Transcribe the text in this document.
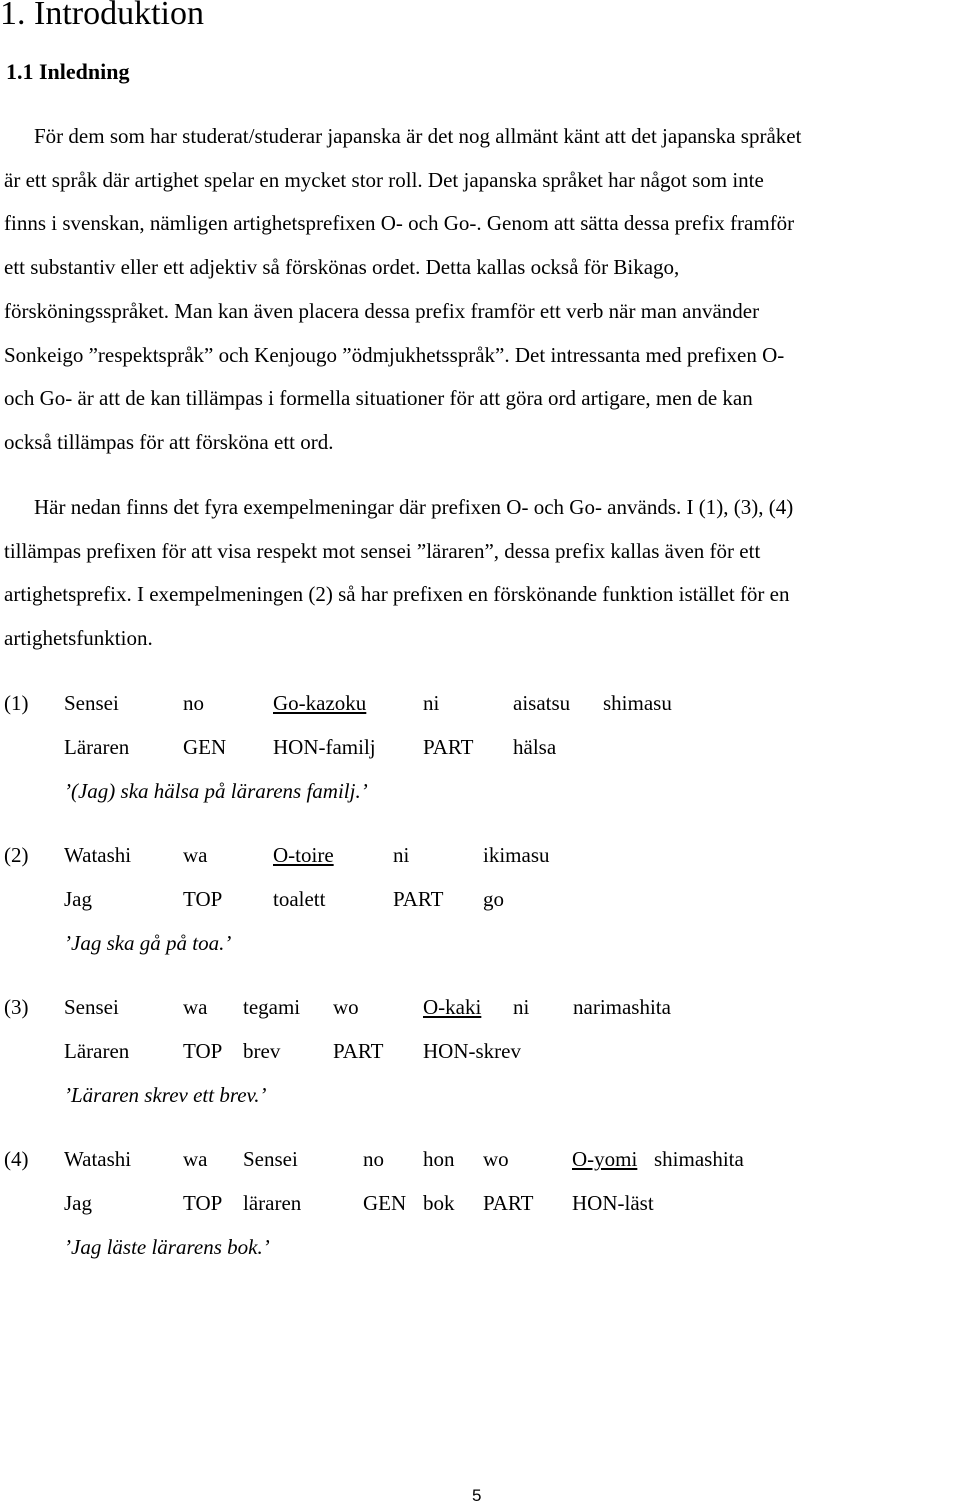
1. Introduktion
1.1 Inledning
För dem som har studerat/studerar japanska är det nog allmänt känt att det japanska språket
är ett språk där artighet spelar en mycket stor roll. Det japanska språket har något som inte
finns i svenskan, nämligen artighetsprefixen O- och Go-. Genom att sätta dessa prefix framför
ett substantiv eller ett adjektiv så förskönas ordet. Detta kallas också för Bikago,
försköningsspråket. Man kan även placera dessa prefix framför ett verb när man använder
Sonkeigo ”respektspråk” och Kenjougo ”ödmjukhetsspråk”. Det intressanta med prefixen O-
och Go- är att de kan tillämpas i formella situationer för att göra ord artigare, men de kan
också tillämpas för att försköna ett ord.
Här nedan finns det fyra exempelmeningar där prefixen O- och Go- används. I (1), (3), (4)
tillämpas prefixen för att visa respekt mot sensei ”läraren”, dessa prefix kallas även för ett
artighetsprefix. I exempelmeningen (2) så har prefixen en förskönande funktion istället för en
artighetsfunktion.
(1) Sensei	no	Go-kazoku	ni	aisatsu shimasu
Läraren	GEN HON-familj PART hälsa
’(Jag) ska hälsa på lärarens familj.’
(2) Watashi wa	O-toire	ni	ikimasu
Jag	TOP toalett	PART go
’Jag ska gå på toa.’
(3) Sensei	wa tegami wo	O-kaki ni narimashita
Läraren	TOP brev	PART HON-skrev
’Läraren skrev ett brev.’
(4) Watashi wa Sensei	no hon wo	O-yomi shimashita
Jag	TOP läraren	GEN bok PART HON-läst
’Jag läste lärarens bok.’
5
